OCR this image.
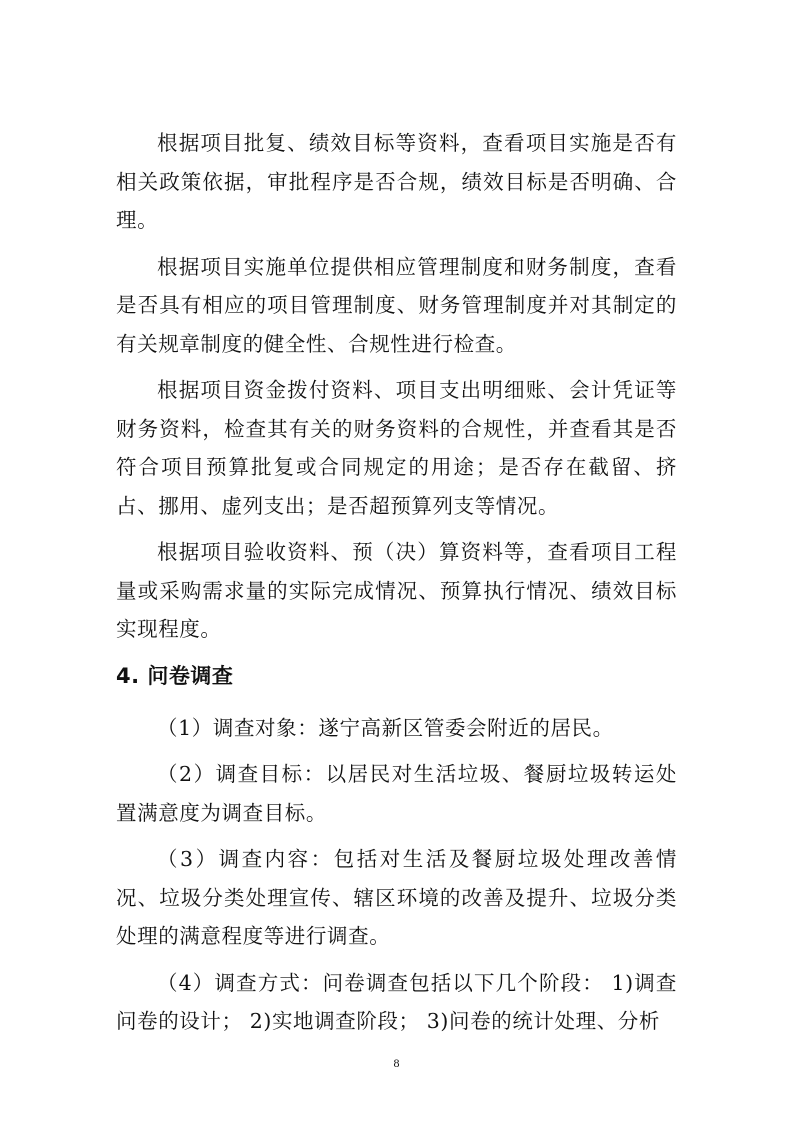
根据项目批复、绩效目标等资料，查看项目实施是否有相关政策依据，审批程序是否合规，绩效目标是否明确、合理。

根据项目实施单位提供相应管理制度和财务制度，查看是否具有相应的项目管理制度、财务管理制度并对其制定的有关规章制度的健全性、合规性进行检查。

根据项目资金拨付资料、项目支出明细账、会计凭证等财务资料，检查其有关的财务资料的合规性，并查看其是否符合项目预算批复或合同规定的用途；是否存在截留、挤占、挪用、虚列支出；是否超预算列支等情况。

根据项目验收资料、预（决）算资料等，查看项目工程量或采购需求量的实际完成情况、预算执行情况、绩效目标实现程度。

4. 问卷调查

（1）调查对象：遂宁高新区管委会附近的居民。

（2）调查目标：以居民对生活垃圾、餐厨垃圾转运处置满意度为调查目标。

（3）调查内容：包括对生活及餐厨垃圾处理改善情况、垃圾分类处理宣传、辖区环境的改善及提升、垃圾分类处理的满意程度等进行调查。

（4）调查方式：问卷调查包括以下几个阶段： 1)调查问卷的设计； 2)实地调查阶段； 3)问卷的统计处理、分析

8
